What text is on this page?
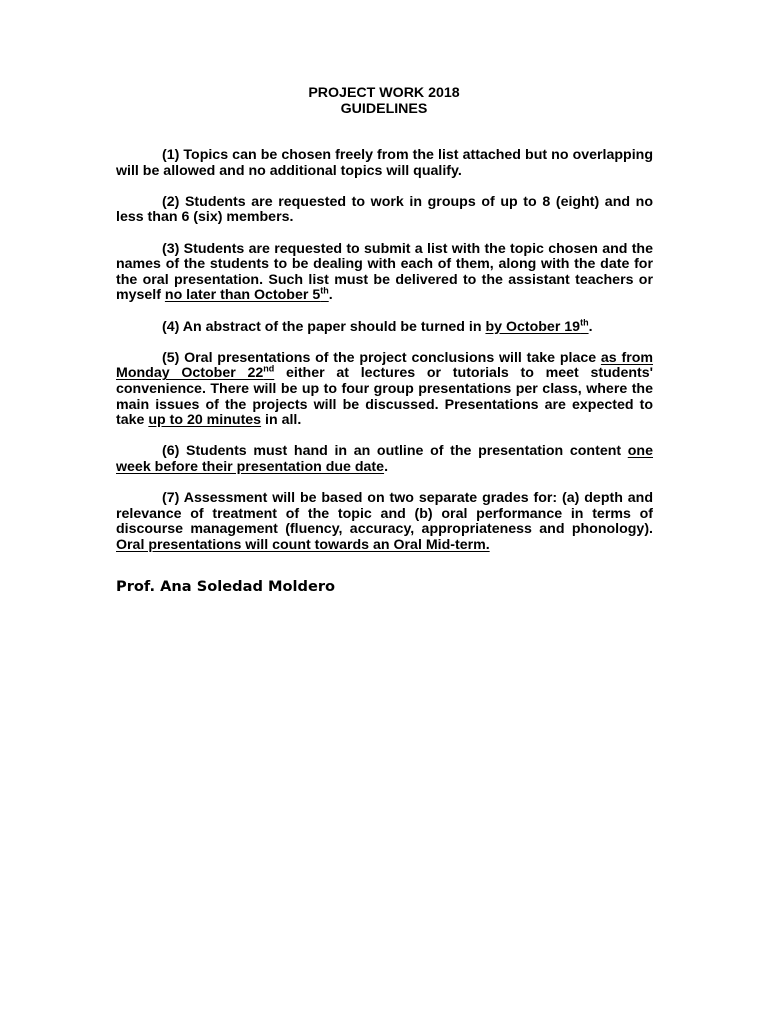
PROJECT WORK 2018
GUIDELINES

(1) Topics can be chosen freely from the list attached but no overlapping will be allowed and no additional topics will qualify.

(2) Students are requested to work in groups of up to 8 (eight) and no less than 6 (six) members.

(3) Students are requested to submit a list with the topic chosen and the names of the students to be dealing with each of them, along with the date for the oral presentation. Such list must be delivered to the assistant teachers or myself no later than October 5th.

(4) An abstract of the paper should be turned in by October 19th.

(5) Oral presentations of the project conclusions will take place as from Monday October 22nd either at lectures or tutorials to meet students' convenience. There will be up to four group presentations per class, where the main issues of the projects will be discussed. Presentations are expected to take up to 20 minutes in all.

(6) Students must hand in an outline of the presentation content one week before their presentation due date.

(7) Assessment will be based on two separate grades for: (a) depth and relevance of treatment of the topic and (b) oral performance in terms of discourse management (fluency, accuracy, appropriateness and phonology). Oral presentations will count towards an Oral Mid-term.

Prof. Ana Soledad Moldero
